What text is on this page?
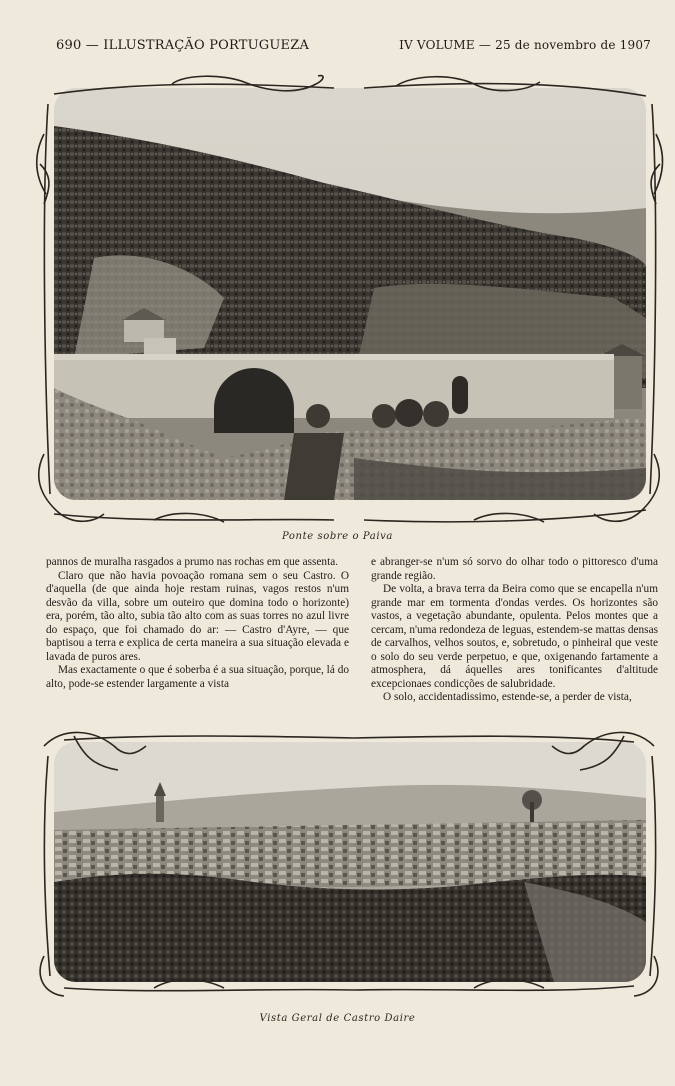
690 — ILLUSTRAÇÃO PORTUGUEZA	IV VOLUME — 25 de novembro de 1907
Ponte sobre o Paiva

pannos de muralha rasgados a prumo nas rochas em que assenta.

Claro que não havia povoação romana sem o seu Castro. O d'aquella (de que ainda hoje restam ruinas, vagos restos n'um desvão da villa, sobre um outeiro que domina todo o horizonte) era, porém, tão alto, subia tão alto com as suas torres no azul livre do espaço, que foi chamado do ar: — Castro d'Ayre, — que baptisou a terra e explica de certa maneira a sua situação elevada e lavada de puros ares.

Mas exactamente o que é soberba é a sua situação, porque, lá do alto, pode-se estender largamente a vista

e abranger-se n'um só sorvo do olhar todo o pittoresco d'uma grande região.

De volta, a brava terra da Beira como que se encapella n'um grande mar em tormenta d'ondas verdes. Os horizontes são vastos, a vegetação abundante, opulenta. Pelos montes que a cercam, n'uma redondeza de leguas, estendem-se mattas densas de carvalhos, velhos soutos, e, sobretudo, o pinheiral que veste o solo do seu verde perpetuo, e que, oxigenando fartamente a atmosphera, dá áquelles ares tonificantes d'altitude excepcionaes condicções de salubridade.

O solo, accidentadissimo, estende-se, a perder de vista,

Vista Geral de Castro Daire
